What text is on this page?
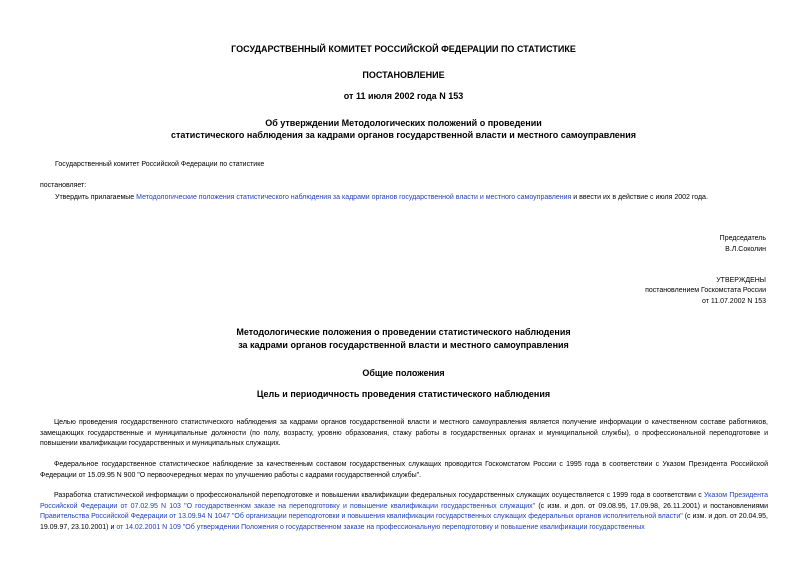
ГОСУДАРСТВЕННЫЙ КОМИТЕТ РОССИЙСКОЙ ФЕДЕРАЦИИ ПО СТАТИСТИКЕ
ПОСТАНОВЛЕНИЕ
от 11 июля 2002 года N 153
Об утверждении Методологических положений о проведении
статистического наблюдения за кадрами органов государственной власти и местного самоуправления
Государственный комитет Российской Федерации по статистике
постановляет:
Утвердить прилагаемые Методологические положения статистического наблюдения за кадрами органов государственной власти и местного самоуправления и ввести их в действие с июля 2002 года.
Председатель
В.Л.Соколин
УТВЕРЖДЕНЫ
постановлением Госкомстата России
от 11.07.2002 N 153
Методологические положения о проведении статистического наблюдения
за кадрами органов государственной власти и местного самоуправления
Общие положения
Цель и периодичность проведения статистического наблюдения
Целью проведения государственного статистического наблюдения за кадрами органов государственной власти и местного самоуправления является получение информации о качественном составе работников, замещающих государственные и муниципальные должности (по полу, возрасту, уровню образования, стажу работы в государственных органах и муниципальной службы), о профессиональной переподготовке и повышении квалификации государственных и муниципальных служащих.
Федеральное государственное статистическое наблюдение за качественным составом государственных служащих проводится Госкомстатом России с 1995 года в соответствии с Указом Президента Российской Федерации от 15.09.95 N 900 "О первоочередных мерах по улучшению работы с кадрами государственной службы".
Разработка статистической информации о профессиональной переподготовке и повышении квалификации федеральных государственных служащих осуществляется с 1999 года в соответствии с Указом Президента Российской Федерации от 07.02.95 N 103 "О государственном заказе на переподготовку и повышение квалификации государственных служащих" (с изм. и доп. от 09.08.95, 17.09.98, 26.11.2001) и постановлениями Правительства Российской Федерации от 13.09.94 N 1047 "Об организации переподготовки и повышения квалификации государственных служащих федеральных органов исполнительной власти" (с изм. и доп. от 20.04.95, 19.09.97, 23.10.2001) и от 14.02.2001 N 109 "Об утверждении Положения о государственном заказе на профессиональную переподготовку и повышение квалификации государственных
